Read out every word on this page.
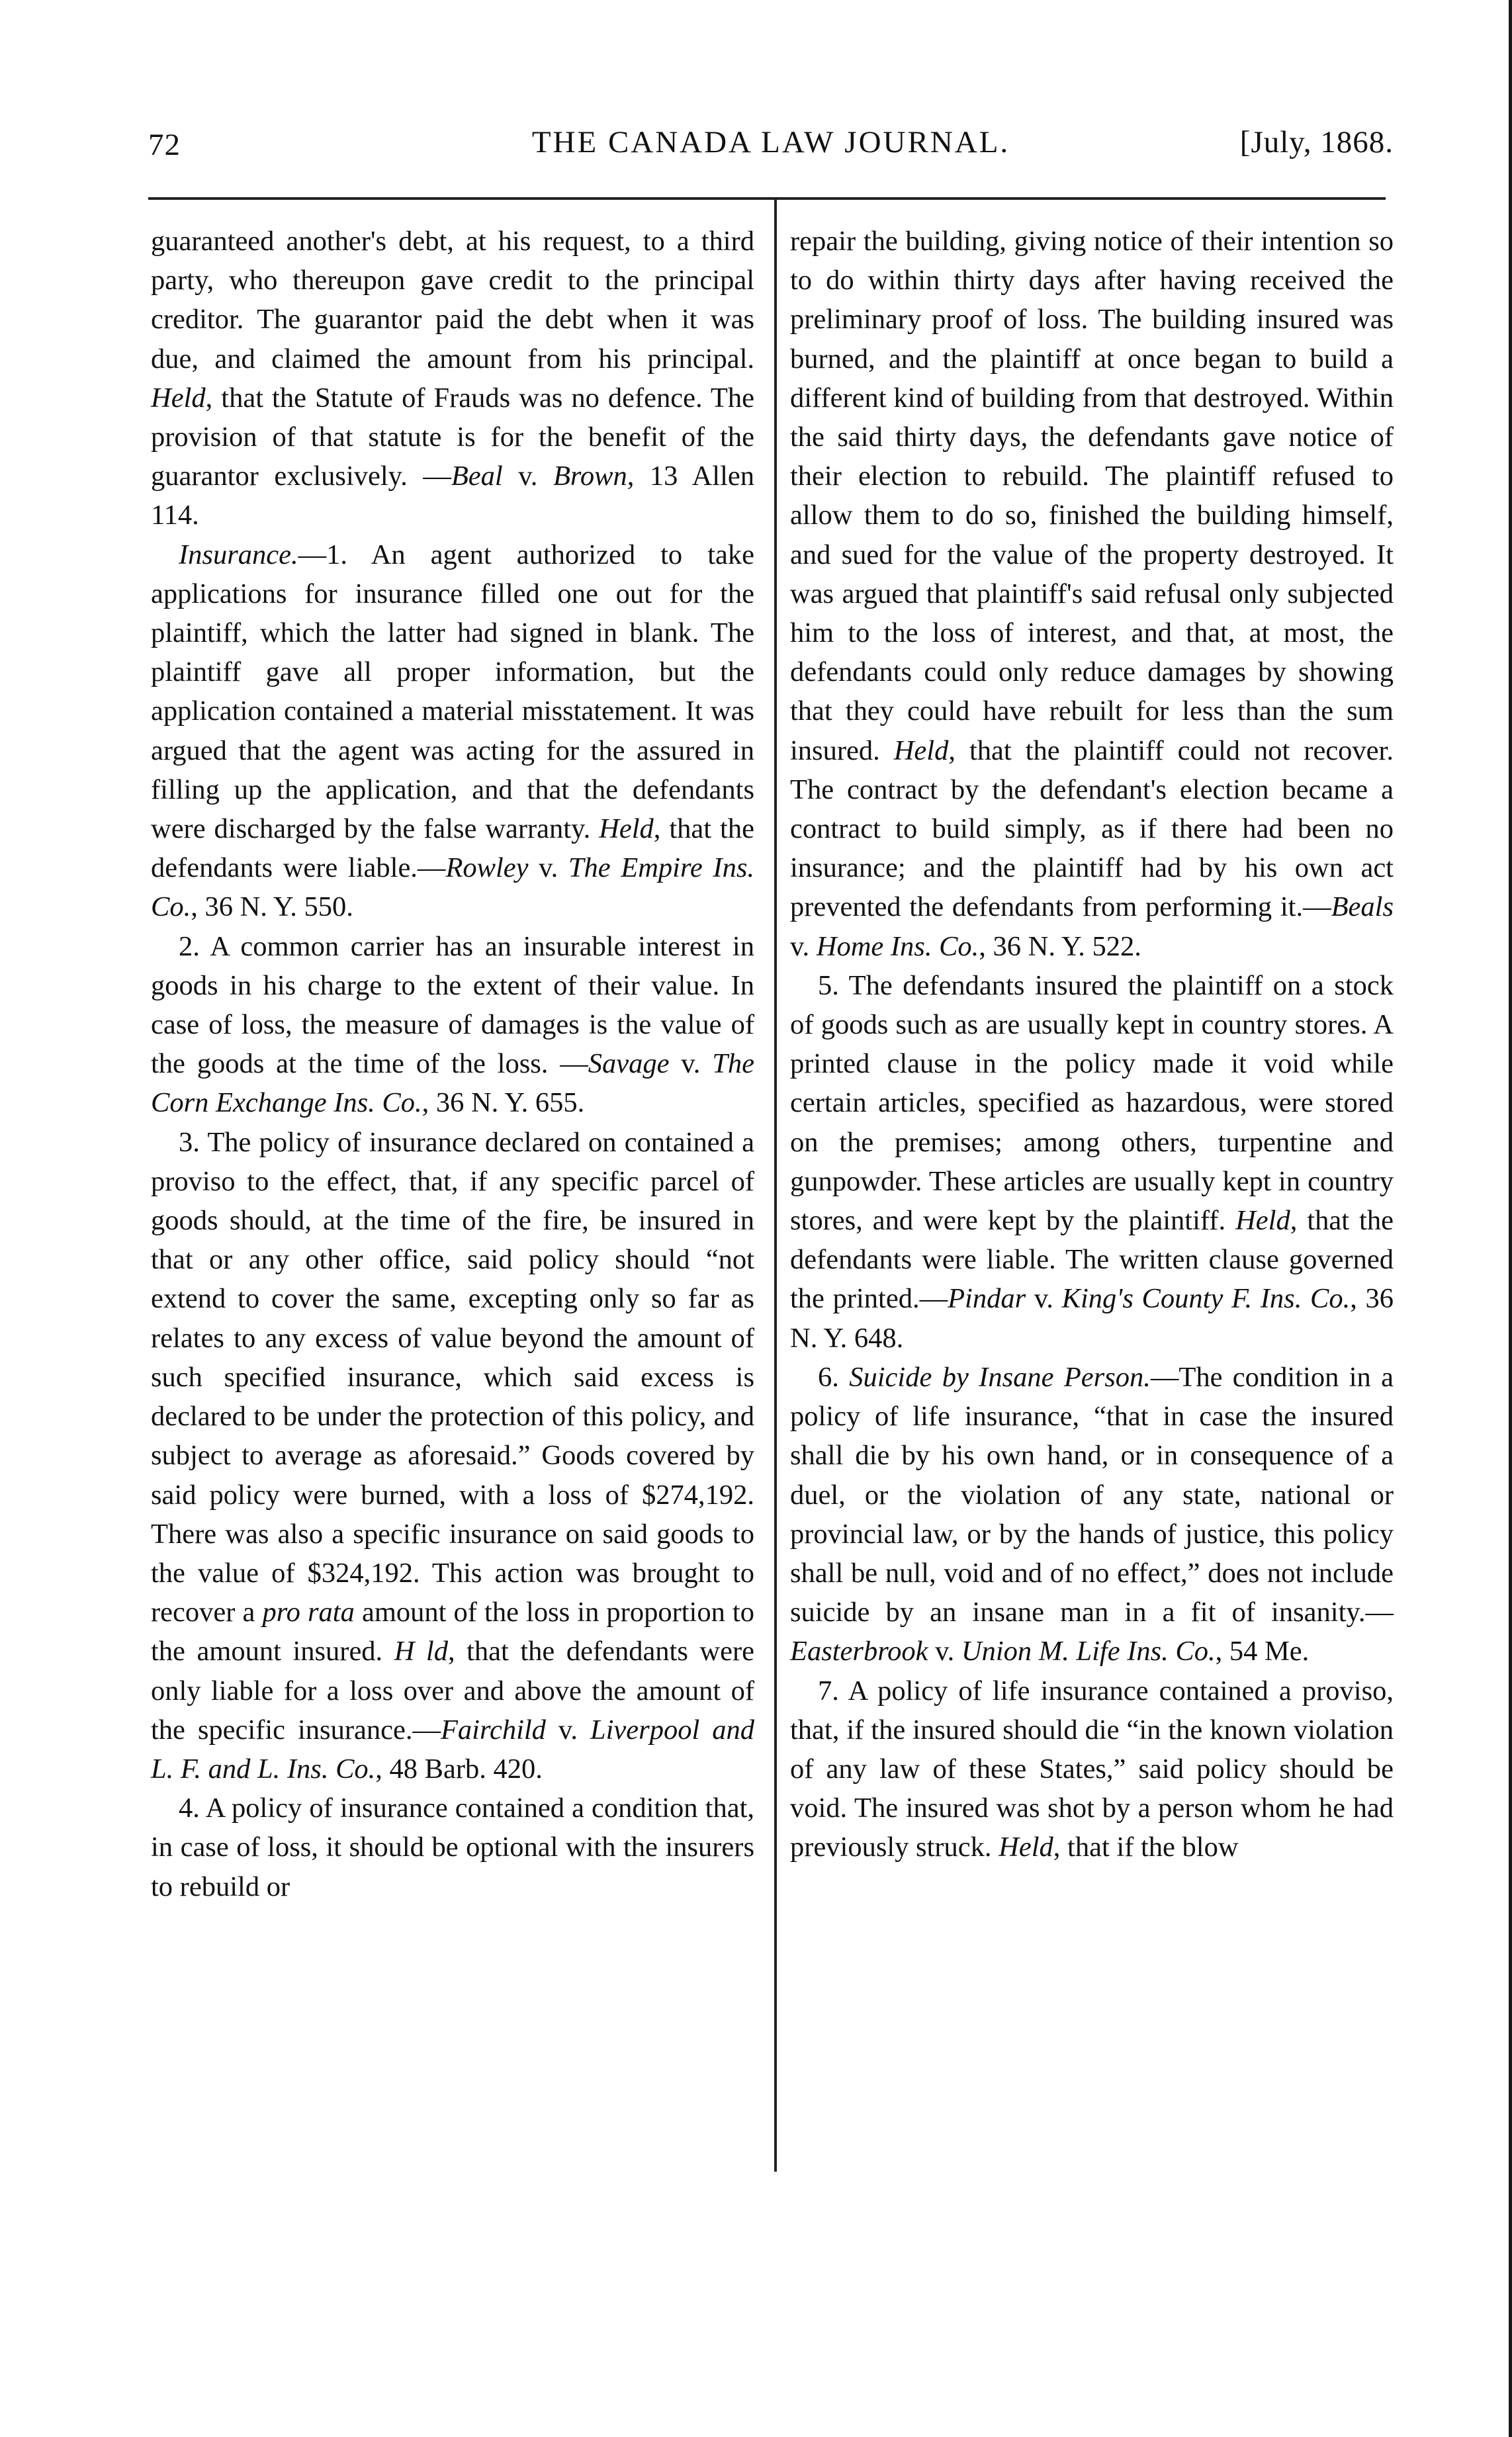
72	THE CANADA LAW JOURNAL.	[July, 1868.

guaranteed another's debt, at his request, to a third party, who thereupon gave credit to the principal creditor. The guarantor paid the debt when it was due, and claimed the amount from his principal. Held, that the Statute of Frauds was no defence. The provision of that statute is for the benefit of the guarantor exclusively. —Beal v. Brown, 13 Allen 114.

Insurance.—1. An agent authorized to take applications for insurance filled one out for the plaintiff, which the latter had signed in blank. The plaintiff gave all proper information, but the application contained a material misstatement. It was argued that the agent was acting for the assured in filling up the application, and that the defendants were discharged by the false warranty. Held, that the defendants were liable.—Rowley v. The Empire Ins. Co., 36 N. Y. 550.

2. A common carrier has an insurable interest in goods in his charge to the extent of their value. In case of loss, the measure of damages is the value of the goods at the time of the loss. —Savage v. The Corn Exchange Ins. Co., 36 N. Y. 655.

3. The policy of insurance declared on contained a proviso to the effect, that, if any specific parcel of goods should, at the time of the fire, be insured in that or any other office, said policy should “not extend to cover the same, excepting only so far as relates to any excess of value beyond the amount of such specified insurance, which said excess is declared to be under the protection of this policy, and subject to average as aforesaid.” Goods covered by said policy were burned, with a loss of $274,192. There was also a specific insurance on said goods to the value of $324,192. This action was brought to recover a pro rata amount of the loss in proportion to the amount insured. H ld, that the defendants were only liable for a loss over and above the amount of the specific insurance.—Fairchild v. Liverpool and L. F. and L. Ins. Co., 48 Barb. 420.

4. A policy of insurance contained a condition that, in case of loss, it should be optional with the insurers to rebuild or

repair the building, giving notice of their intention so to do within thirty days after having received the preliminary proof of loss. The building insured was burned, and the plaintiff at once began to build a different kind of building from that destroyed. Within the said thirty days, the defendants gave notice of their election to rebuild. The plaintiff refused to allow them to do so, finished the building himself, and sued for the value of the property destroyed. It was argued that plaintiff's said refusal only subjected him to the loss of interest, and that, at most, the defendants could only reduce damages by showing that they could have rebuilt for less than the sum insured. Held, that the plaintiff could not recover. The contract by the defendant's election became a contract to build simply, as if there had been no insurance; and the plaintiff had by his own act prevented the defendants from performing it.—Beals v. Home Ins. Co., 36 N. Y. 522.

5. The defendants insured the plaintiff on a stock of goods such as are usually kept in country stores. A printed clause in the policy made it void while certain articles, specified as hazardous, were stored on the premises; among others, turpentine and gunpowder. These articles are usually kept in country stores, and were kept by the plaintiff. Held, that the defendants were liable. The written clause governed the printed.—Pindar v. King's County F. Ins. Co., 36 N. Y. 648.

6. Suicide by Insane Person.—The condition in a policy of life insurance, “that in case the insured shall die by his own hand, or in consequence of a duel, or the violation of any state, national or provincial law, or by the hands of justice, this policy shall be null, void and of no effect,” does not include suicide by an insane man in a fit of insanity.—Easterbrook v. Union M. Life Ins. Co., 54 Me.

7. A policy of life insurance contained a proviso, that, if the insured should die “in the known violation of any law of these States,” said policy should be void. The insured was shot by a person whom he had previously struck. Held, that if the blow
